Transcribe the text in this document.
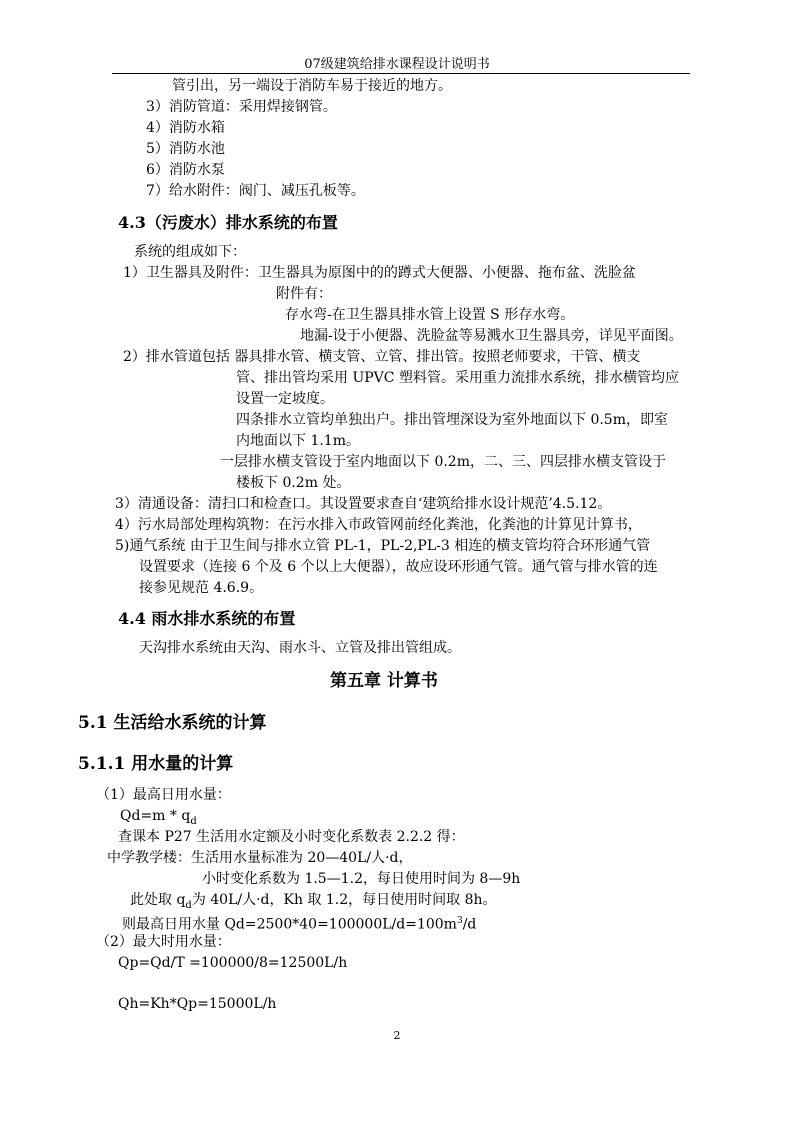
07级建筑给排水课程设计说明书
管引出，另一端设于消防车易于接近的地方。
3）消防管道：采用焊接钢管。
4）消防水箱
5）消防水池
6）消防水泵
7）给水附件：阀门、减压孔板等。
4.3（污废水）排水系统的布置
系统的组成如下：
1）卫生器具及附件：卫生器具为原图中的的蹲式大便器、小便器、拖布盆、洗脸盆
附件有：
存水弯-在卫生器具排水管上设置 S 形存水弯。
地漏-设于小便器、洗脸盆等易溅水卫生器具旁，详见平面图。
2）排水管道包括 器具排水管、横支管、立管、排出管。按照老师要求，干管、横支
管、排出管均采用 UPVC 塑料管。采用重力流排水系统，排水横管均应
设置一定坡度。
四条排水立管均单独出户。排出管埋深设为室外地面以下 0.5m，即室
内地面以下 1.1m。
一层排水横支管设于室内地面以下 0.2m，二、三、四层排水横支管设于
楼板下 0.2m 处。
3）清通设备：清扫口和检查口。其设置要求查自‘建筑给排水设计规范’4.5.12。
4）污水局部处理构筑物：在污水排入市政管网前经化粪池，化粪池的计算见计算书，
5)通气系统 由于卫生间与排水立管 PL-1，PL-2,PL-3 相连的横支管均符合环形通气管
设置要求（连接 6 个及 6 个以上大便器），故应设环形通气管。通气管与排水管的连
接参见规范 4.6.9。
4.4 雨水排水系统的布置
天沟排水系统由天沟、雨水斗、立管及排出管组成。
第五章 计算书
5.1 生活给水系统的计算
5.1.1 用水量的计算
（1）最高日用水量：
$Qd=m * q_d$
查课本 P27 生活用水定额及小时变化系数表 2.2.2 得：
中学教学楼：生活用水量标准为 20—40L/人·d，
小时变化系数为 1.5—1.2，每日使用时间为 8—9h
此处取 $q_d$为 40L/人·d，Kh 取 1.2，每日使用时间取 8h。
则最高日用水量 $Qd=2500*40=100000L/d=100m^3/d$
（2）最大时用水量：
Qp=Qd/T =100000/8=12500L/h
Qh=Kh*Qp=15000L/h
2
